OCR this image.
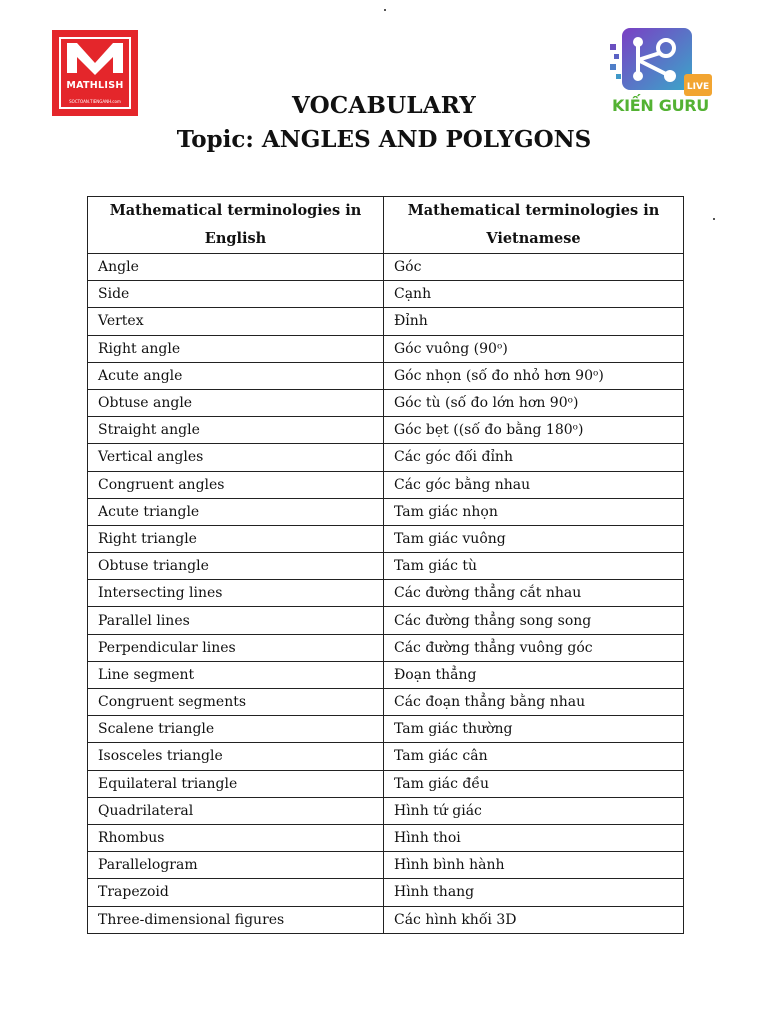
MATHLISH
SOCTOAN.TIENGANH.com
LIVE
KIẾN GURU
VOCABULARY
Topic: ANGLES AND POLYGONS
Mathematical terminologies in English	Mathematical terminologies in Vietnamese
Angle	Góc
Side	Cạnh
Vertex	Đỉnh
Right angle	Góc vuông (90ᵒ)
Acute angle	Góc nhọn (số đo nhỏ hơn 90ᵒ)
Obtuse angle	Góc tù (số đo lớn hơn 90ᵒ)
Straight angle	Góc bẹt ((số đo bằng 180ᵒ)
Vertical angles	Các góc đối đỉnh
Congruent angles	Các góc bằng nhau
Acute triangle	Tam giác nhọn
Right triangle	Tam giác vuông
Obtuse triangle	Tam giác tù
Intersecting lines	Các đường thẳng cắt nhau
Parallel lines	Các đường thẳng song song
Perpendicular lines	Các đường thẳng vuông góc
Line segment	Đoạn thẳng
Congruent segments	Các đoạn thẳng bằng nhau
Scalene triangle	Tam giác thường
Isosceles triangle	Tam giác cân
Equilateral triangle	Tam giác đều
Quadrilateral	Hình tứ giác
Rhombus	Hình thoi
Parallelogram	Hình bình hành
Trapezoid	Hình thang
Three-dimensional figures	Các hình khối 3D
